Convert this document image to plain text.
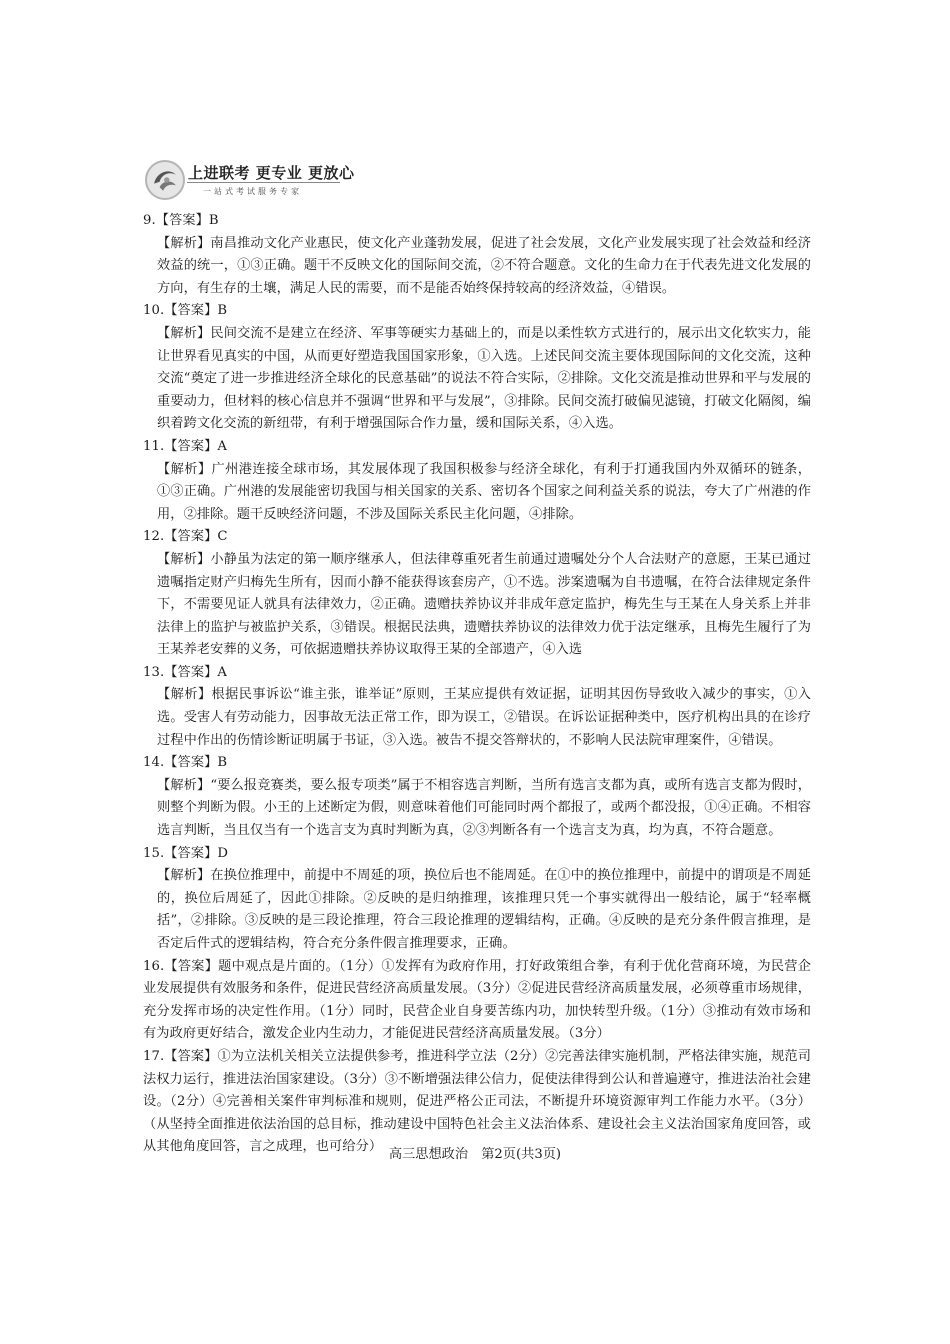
上进联考 更专业 更放心
一站式考试服务专家

9.【答案】B

【解析】南昌推动文化产业惠民，使文化产业蓬勃发展，促进了社会发展，文化产业发展实现了社会效益和经济效益的统一，①③正确。题干不反映文化的国际间交流，②不符合题意。文化的生命力在于代表先进文化发展的方向，有生存的土壤，满足人民的需要，而不是能否始终保持较高的经济效益，④错误。

10.【答案】B

【解析】民间交流不是建立在经济、军事等硬实力基础上的，而是以柔性软方式进行的，展示出文化软实力，能让世界看见真实的中国，从而更好塑造我国国家形象，①入选。上述民间交流主要体现国际间的文化交流，这种交流“奠定了进一步推进经济全球化的民意基础”的说法不符合实际，②排除。文化交流是推动世界和平与发展的重要动力，但材料的核心信息并不强调“世界和平与发展”，③排除。民间交流打破偏见滤镜，打破文化隔阂，编织着跨文化交流的新纽带，有利于增强国际合作力量，缓和国际关系，④入选。

11.【答案】A

【解析】广州港连接全球市场，其发展体现了我国积极参与经济全球化，有利于打通我国内外双循环的链条，①③正确。广州港的发展能密切我国与相关国家的关系、密切各个国家之间利益关系的说法，夸大了广州港的作用，②排除。题干反映经济问题，不涉及国际关系民主化问题，④排除。

12.【答案】C

【解析】小静虽为法定的第一顺序继承人，但法律尊重死者生前通过遗嘱处分个人合法财产的意愿，王某已通过遗嘱指定财产归梅先生所有，因而小静不能获得该套房产，①不选。涉案遗嘱为自书遗嘱，在符合法律规定条件下，不需要见证人就具有法律效力，②正确。遗赠扶养协议并非成年意定监护，梅先生与王某在人身关系上并非法律上的监护与被监护关系，③错误。根据民法典，遗赠扶养协议的法律效力优于法定继承，且梅先生履行了为王某养老安葬的义务，可依据遗赠扶养协议取得王某的全部遗产，④入选

13.【答案】A

【解析】根据民事诉讼“谁主张，谁举证”原则，王某应提供有效证据，证明其因伤导致收入减少的事实，①入选。受害人有劳动能力，因事故无法正常工作，即为误工，②错误。在诉讼证据种类中，医疗机构出具的在诊疗过程中作出的伤情诊断证明属于书证，③入选。被告不提交答辩状的，不影响人民法院审理案件，④错误。

14.【答案】B

【解析】“要么报竞赛类，要么报专项类”属于不相容选言判断，当所有选言支都为真，或所有选言支都为假时，则整个判断为假。小王的上述断定为假，则意味着他们可能同时两个都报了，或两个都没报，①④正确。不相容选言判断，当且仅当有一个选言支为真时判断为真，②③判断各有一个选言支为真，均为真，不符合题意。

15.【答案】D

【解析】在换位推理中，前提中不周延的项，换位后也不能周延。在①中的换位推理中，前提中的谓项是不周延的，换位后周延了，因此①排除。②反映的是归纳推理，该推理只凭一个事实就得出一般结论，属于“轻率概括”，②排除。③反映的是三段论推理，符合三段论推理的逻辑结构，正确。④反映的是充分条件假言推理，是否定后件式的逻辑结构，符合充分条件假言推理要求，正确。

16.【答案】题中观点是片面的。（1分）①发挥有为政府作用，打好政策组合拳，有利于优化营商环境，为民营企业发展提供有效服务和条件，促进民营经济高质量发展。（3分）②促进民营经济高质量发展，必须尊重市场规律，充分发挥市场的决定性作用。（1分）同时，民营企业自身要苦练内功，加快转型升级。（1分）③推动有效市场和有为政府更好结合，激发企业内生动力，才能促进民营经济高质量发展。（3分）

17.【答案】①为立法机关相关立法提供参考，推进科学立法（2分）②完善法律实施机制，严格法律实施，规范司法权力运行，推进法治国家建设。（3分）③不断增强法律公信力，促使法律得到公认和普遍遵守，推进法治社会建设。（2分）④完善相关案件审判标准和规则，促进严格公正司法，不断提升环境资源审判工作能力水平。（3分）（从坚持全面推进依法治国的总目标，推动建设中国特色社会主义法治体系、建设社会主义法治国家角度回答，或从其他角度回答，言之成理，也可给分）

高三思想政治　第2页(共3页)
